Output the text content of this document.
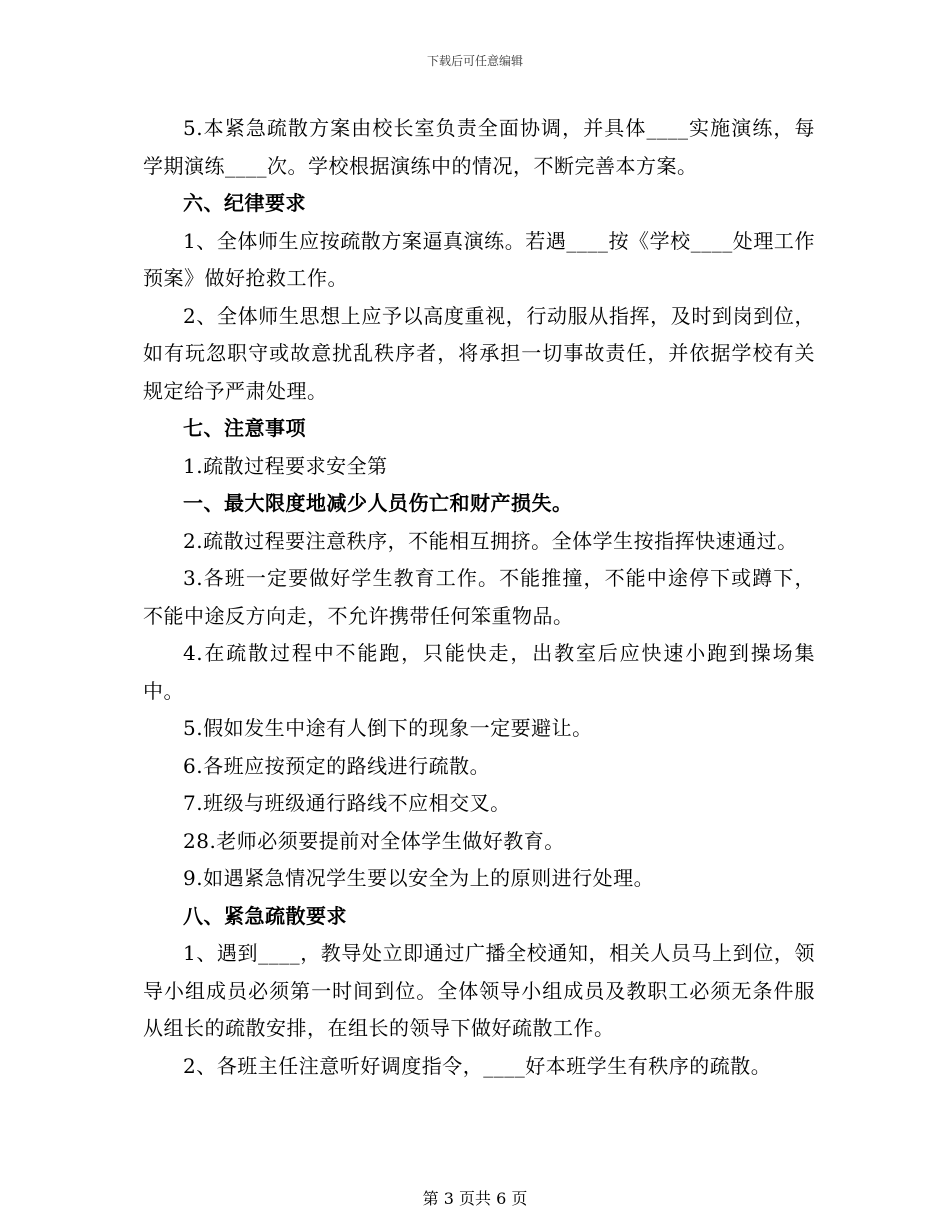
下载后可任意编辑

5.本紧急疏散方案由校长室负责全面协调，并具体____实施演练，每学期演练____次。学校根据演练中的情况，不断完善本方案。

六、纪律要求

1、全体师生应按疏散方案逼真演练。若遇____按《学校____处理工作预案》做好抢救工作。

2、全体师生思想上应予以高度重视，行动服从指挥，及时到岗到位，如有玩忽职守或故意扰乱秩序者，将承担一切事故责任，并依据学校有关规定给予严肃处理。

七、注意事项

1.疏散过程要求安全第

一、最大限度地减少人员伤亡和财产损失。

2.疏散过程要注意秩序，不能相互拥挤。全体学生按指挥快速通过。

3.各班一定要做好学生教育工作。不能推撞，不能中途停下或蹲下，不能中途反方向走，不允许携带任何笨重物品。

4.在疏散过程中不能跑，只能快走，出教室后应快速小跑到操场集中。

5.假如发生中途有人倒下的现象一定要避让。

6.各班应按预定的路线进行疏散。

7.班级与班级通行路线不应相交叉。

28.老师必须要提前对全体学生做好教育。

9.如遇紧急情况学生要以安全为上的原则进行处理。

八、紧急疏散要求

1、遇到____，教导处立即通过广播全校通知，相关人员马上到位，领导小组成员必须第一时间到位。全体领导小组成员及教职工必须无条件服从组长的疏散安排，在组长的领导下做好疏散工作。

2、各班主任注意听好调度指令，____好本班学生有秩序的疏散。

第 3 页共 6 页
